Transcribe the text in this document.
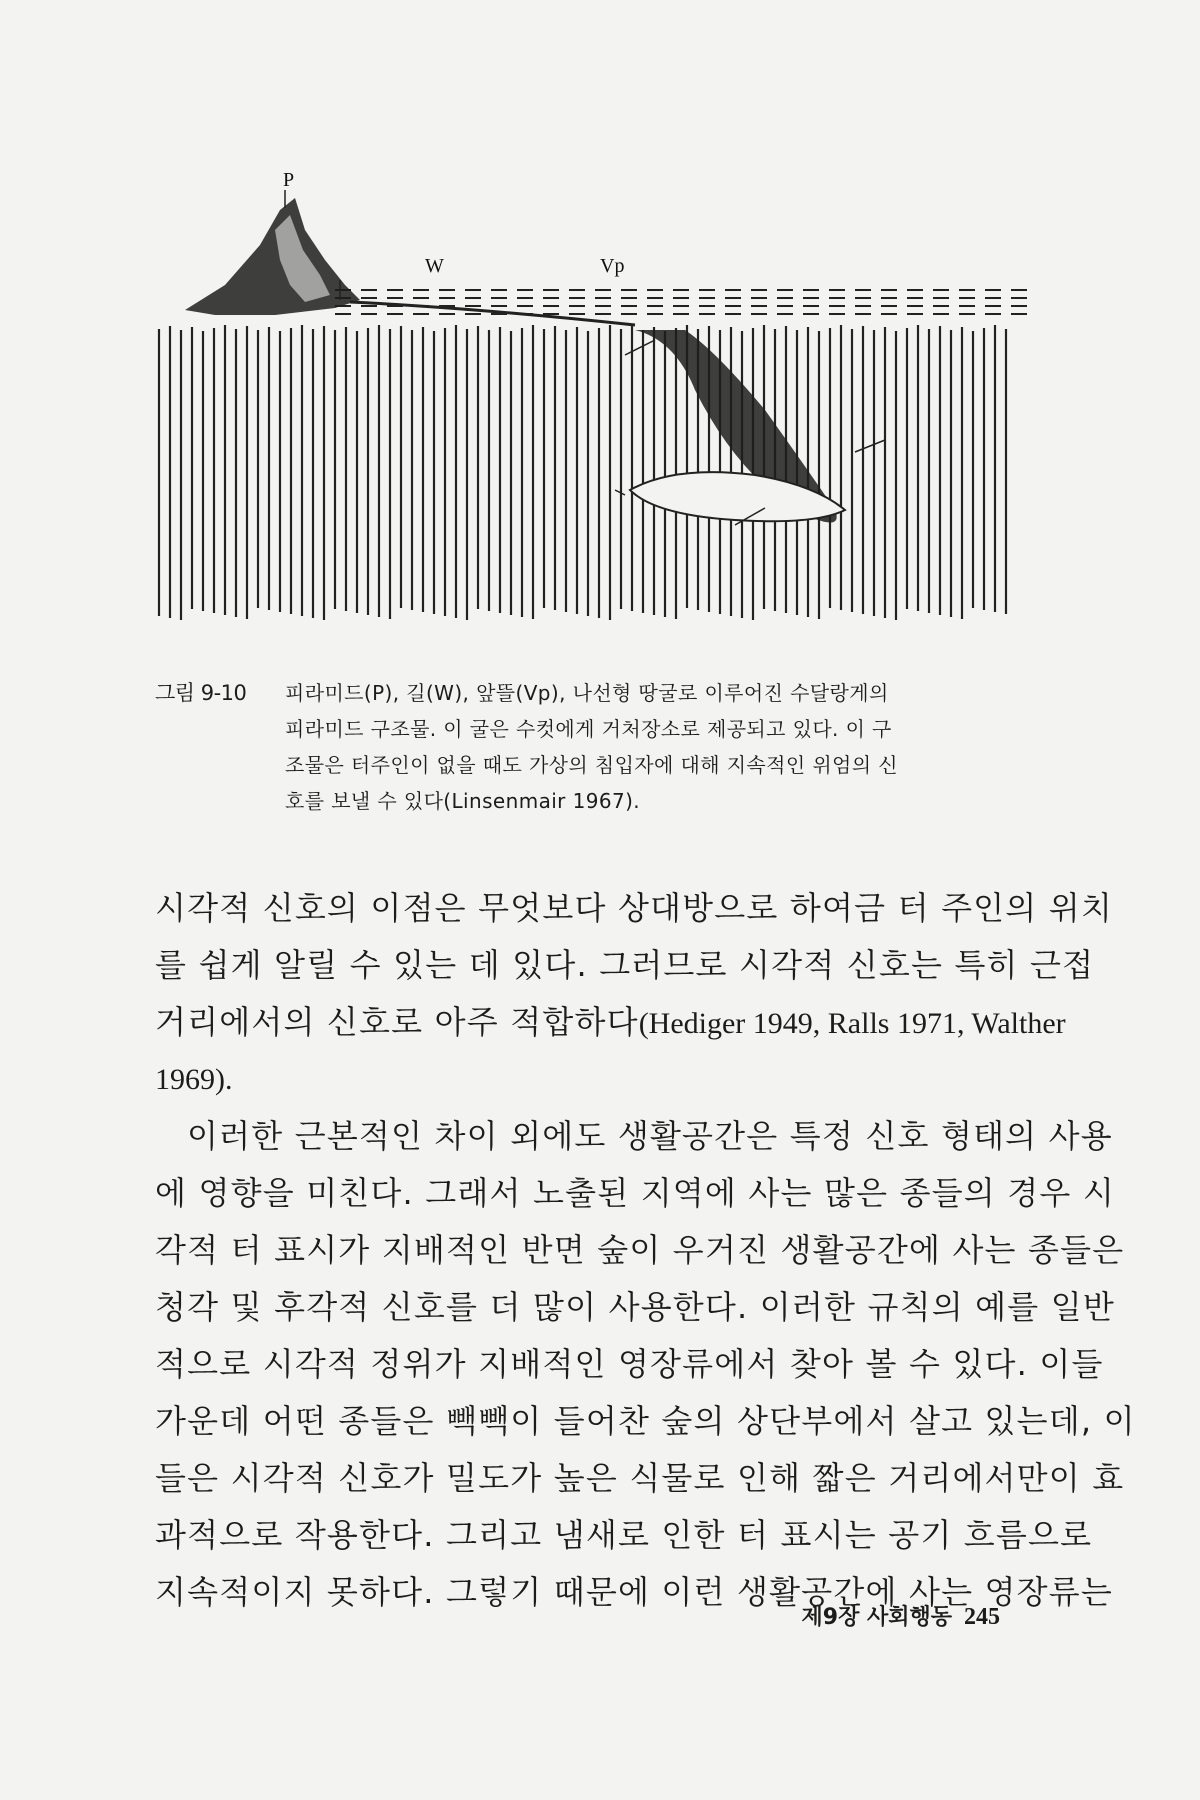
P
W	Vp
그림 9-10	피라미드(P), 길(W), 앞뜰(Vp), 나선형 땅굴로 이루어진 수달랑게의
피라미드 구조물. 이 굴은 수컷에게 거처장소로 제공되고 있다. 이 구
조물은 터주인이 없을 때도 가상의 침입자에 대해 지속적인 위엄의 신
호를 보낼 수 있다(Linsenmair 1967).
시각적 신호의 이점은 무엇보다 상대방으로 하여금 터 주인의 위치
를 쉽게 알릴 수 있는 데 있다. 그러므로 시각적 신호는 특히 근접
거리에서의 신호로 아주 적합하다(Hediger 1949, Ralls 1971, Walther
1969).
이러한 근본적인 차이 외에도 생활공간은 특정 신호 형태의 사용
에 영향을 미친다. 그래서 노출된 지역에 사는 많은 종들의 경우 시
각적 터 표시가 지배적인 반면 숲이 우거진 생활공간에 사는 종들은
청각 및 후각적 신호를 더 많이 사용한다. 이러한 규칙의 예를 일반
적으로 시각적 정위가 지배적인 영장류에서 찾아 볼 수 있다. 이들
가운데 어떤 종들은 빽빽이 들어찬 숲의 상단부에서 살고 있는데, 이
들은 시각적 신호가 밀도가 높은 식물로 인해 짧은 거리에서만이 효
과적으로 작용한다. 그리고 냄새로 인한 터 표시는 공기 흐름으로
지속적이지 못하다. 그렇기 때문에 이런 생활공간에 사는 영장류는
제9장 사회행동 245
